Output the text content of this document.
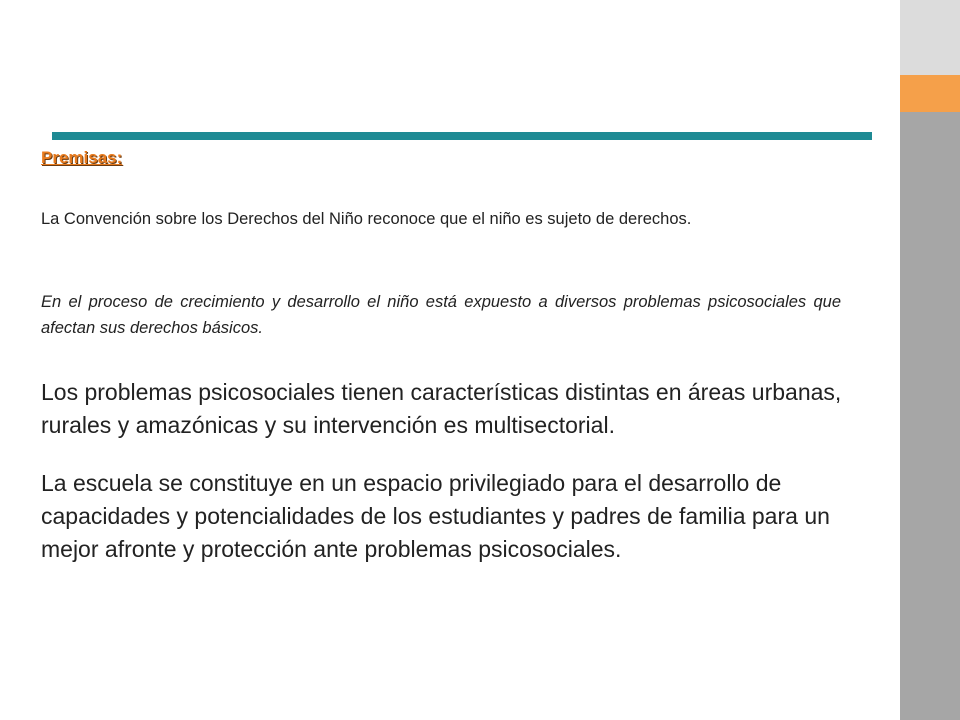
Premisas:

La Convención sobre los Derechos del Niño reconoce que el niño es sujeto de derechos.

En el proceso de crecimiento y desarrollo el niño está expuesto a diversos problemas psicosociales que afectan sus derechos básicos.

Los problemas psicosociales tienen características distintas en áreas urbanas, rurales y amazónicas y su intervención es multisectorial.

La escuela se constituye en un espacio privilegiado para el desarrollo de capacidades y potencialidades de los estudiantes y padres de familia para un mejor afronte y protección ante problemas psicosociales.
